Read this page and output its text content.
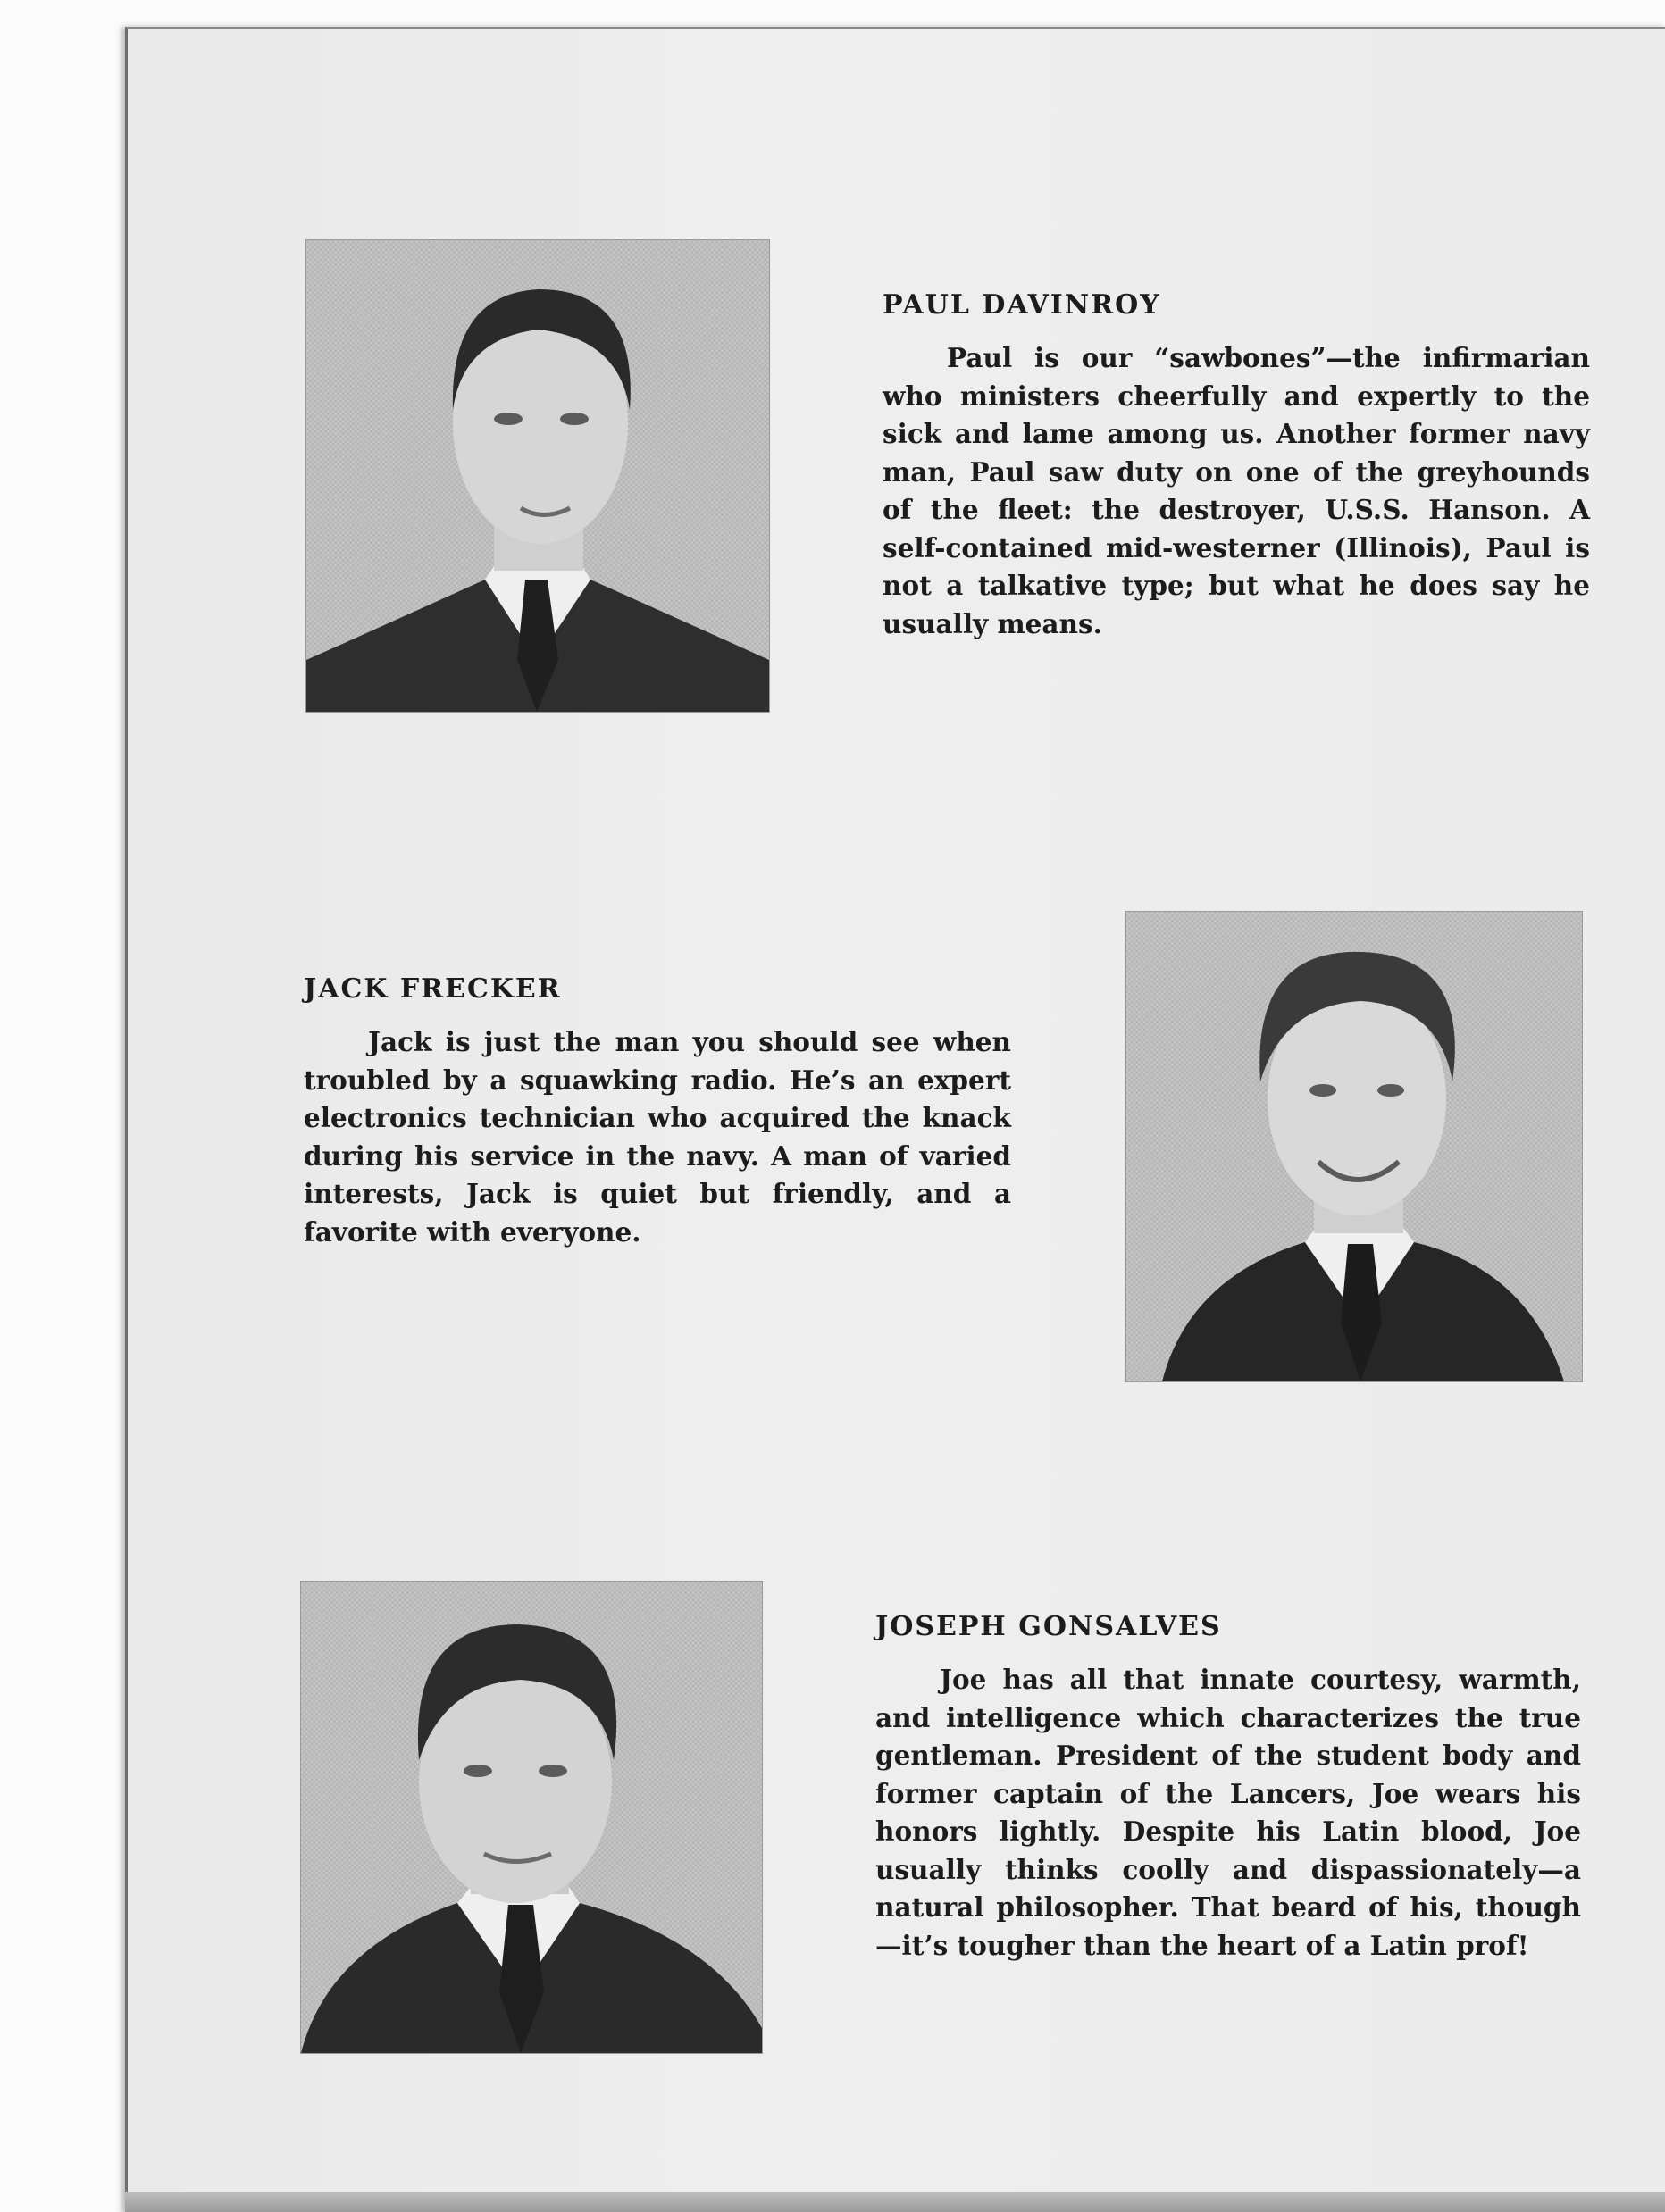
PAUL DAVINROY

Paul is our “sawbones”—the infirmarian who ministers cheerfully and expertly to the sick and lame among us. Another former navy man, Paul saw duty on one of the greyhounds of the fleet: the destroyer, U.S.S. Hanson. A self-contained mid-westerner (Illinois), Paul is not a talkative type; but what he does say he usually means.

JACK FRECKER

Jack is just the man you should see when troubled by a squawking radio. He’s an expert electronics technician who acquired the knack during his service in the navy. A man of varied interests, Jack is quiet but friendly, and a favorite with everyone.

JOSEPH GONSALVES

Joe has all that innate courtesy, warmth, and intelligence which characterizes the true gentleman. President of the student body and former captain of the Lancers, Joe wears his honors lightly. Despite his Latin blood, Joe usually thinks coolly and dispassionately—a natural philosopher. That beard of his, though—it’s tougher than the heart of a Latin prof!
